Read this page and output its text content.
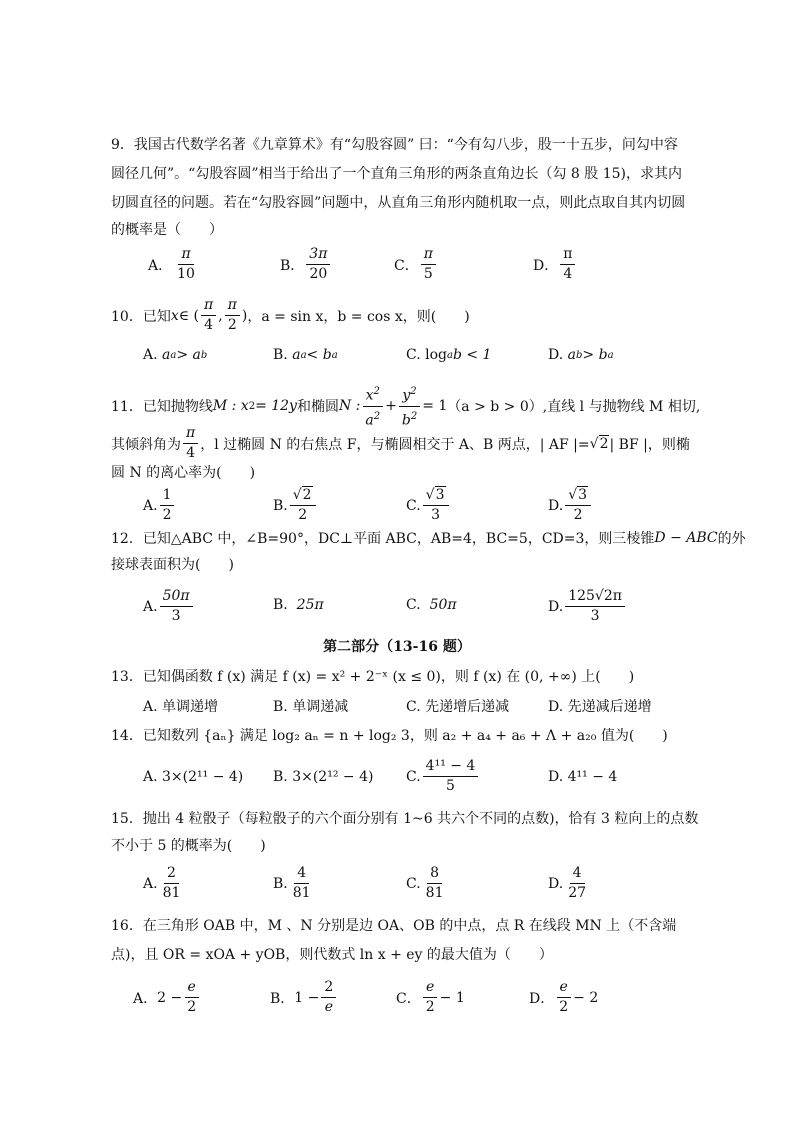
9．我国古代数学名著《九章算术》有“勾股容圆” 曰：“今有勾八步，股一十五步，问勾中容
圆径几何”。“勾股容圆”相当于给出了一个直角三角形的两条直角边长（勾 8 股 15)，求其内
切圆直径的问题。若在“勾股容圆”问题中，从直角三角形内随机取一点，则此点取自其内切圆
的概率是（　　）
A． $\frac{\pi}{10}$	B． $\frac{3\pi}{20}$	C． $\frac{\pi}{5}$	D． $\frac{\pi}{4}$
10．已知 x ∈ ( $\frac{\pi}{4}$ , $\frac{\pi}{2}$ ) ，a = sin x，b = cos x，则(　　)
A.
a a > a b	B.
a a < b a	C.
log a b < 1	D.
a b > b a
11．已知抛物线 M : x 2 = 12y 和椭圆 N : $\frac{x^2}{a^2} + \frac{y^2}{b^2} = 1$ （a > b > 0） ,直线 l 与抛物线 M 相切,
其倾斜角为 $\frac{\pi}{4}$ ，l 过椭圆 N 的右焦点 F，与椭圆相交于 A、B 两点，| AF |= √ 2 | BF |，则椭
圆 N 的离心率为(　　)
A. $\frac{1}{2}$	B. $\frac{√2}{2}$	C. $\frac{√3}{3}$	D. $\frac{√3}{2}$
12．已知△ABC 中，∠B=90°，DC⊥平面 ABC，AB=4，BC=5，CD=3，则三棱锥 D − ABC 的外
接球表面积为(　　)
A. $\frac{50\pi}{3}$	B.
25π	C.
50π	D. $\frac{125√2\pi}{3}$
第二部分（13-16 题）
13．已知偶函数 f (x) 满足 f (x) = x² + 2⁻ˣ (x ≤ 0)，则 f (x) 在 (0, +∞) 上(　　)
A. 单调递增	B. 单调递减	C. 先递增后递减	D. 先递减后递增
14．已知数列 {aₙ} 满足 log₂ aₙ = n + log₂ 3，则 a₂ + a₄ + a₆ + Λ + a₂₀ 值为(　　)
A.
3×(2¹¹ − 4) B.
3×(2¹² − 4) C. $\frac{\text{4¹¹ − 4}}{5}$	D.
4¹¹ − 4
15．抛出 4 粒骰子（每粒骰子的六个面分别有 1~6 共六个不同的点数)，恰有 3 粒向上的点数
不小于 5 的概率为(　　)
A. $\frac{2}{81}$	B. $\frac{4}{81}$	C. $\frac{8}{81}$	D. $\frac{4}{27}$
16．在三角形 OAB 中，M 、N 分别是边 OA、OB 的中点，点 R 在线段 MN 上（不含端
点)，且 OR = xOA + yOB，则代数式 ln x + ey 的最大值为（　　）
A． $2 - \frac{e}{2}$	B． $1 - \frac{2}{e}$	C． $\frac{e}{2} - 1$	D． $\frac{e}{2} - 2$
